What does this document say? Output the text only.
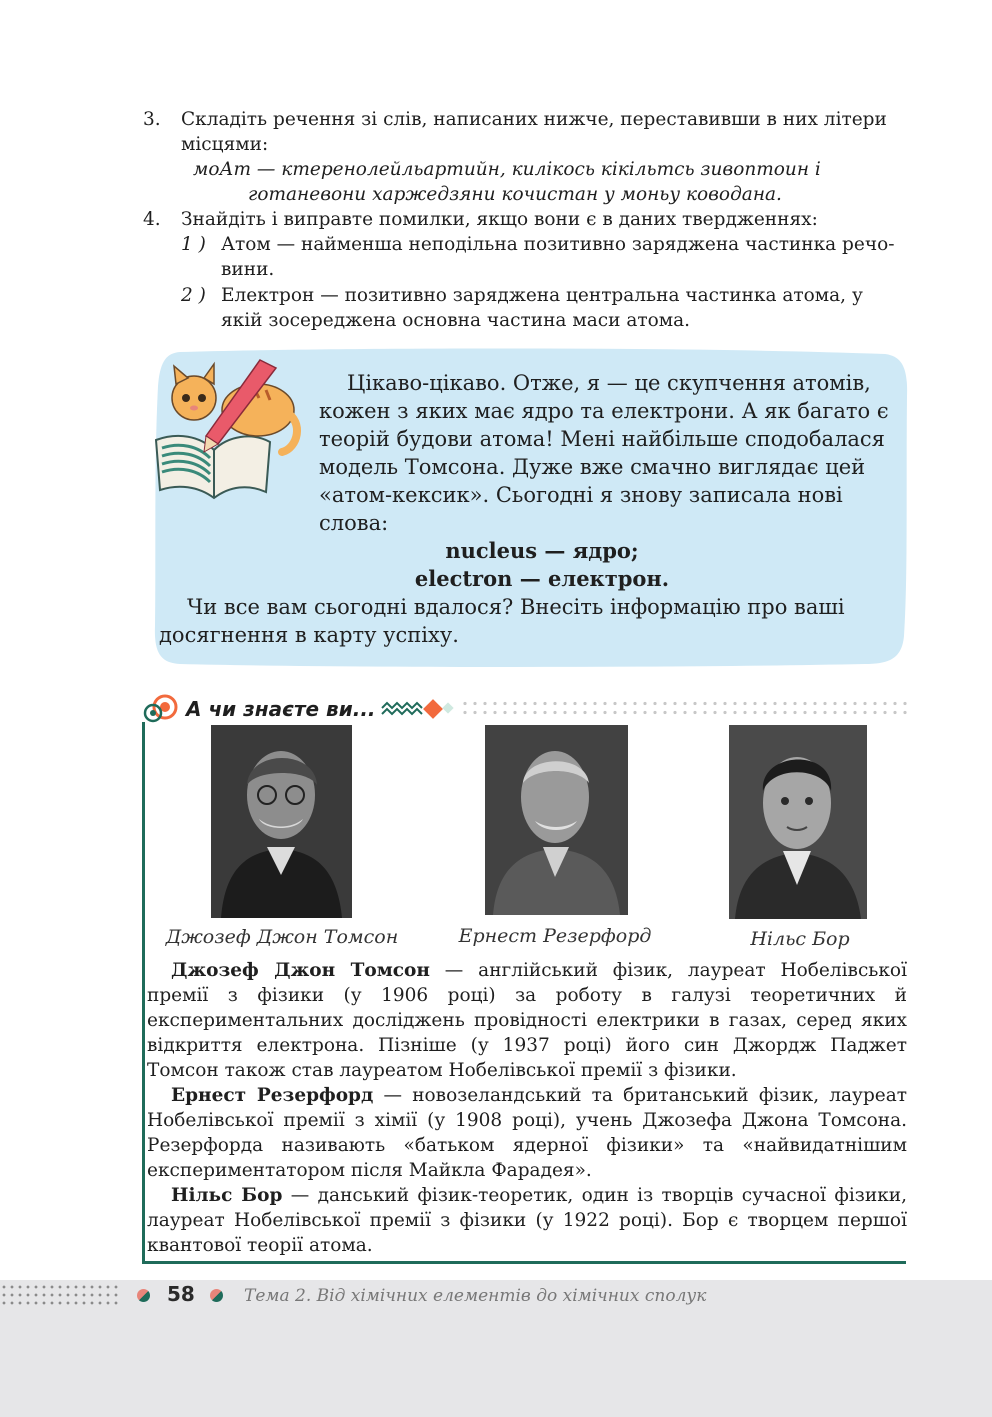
3. Складіть речення зі слів, написаних нижче, переставивши в них літери
місцями:
моАт — ктеренолейльартийн, килікось кікільтсь зивоптоин і
готаневони харжедзяни кочистан у моньу ководана.
4. Знайдіть і виправте помилки, якщо вони є в даних твердженнях:
1 ) Атом — найменша неподільна позитивно заряджена частинка речо-
вини.
2 ) Електрон — позитивно заряджена центральна частинка атома, у
якій зосереджена основна частина маси атома.
Цікаво-цікаво. Отже, я — це скупчення атомів,
кожен з яких має ядро та електрони. А як багато є
теорій будови атома! Мені найбільше сподобалася
модель Томсона. Дуже вже смачно виглядає цей
«атом-кексик». Сьогодні я знову записала нові
слова:
nucleus — ядро;
electron — електрон.
Чи все вам сьогодні вдалося? Внесіть інформацію про ваші
досягнення в карту успіху.
А чи знаєте ви...
Джозеф Джон Томсон	Ернест Резерфорд	Нільс Бор

Джозеф Джон Томсон — англійський фізик, лауреат Нобелівської премії з фізики (у 1906 році) за роботу в галузі теоретичних й експериментальних досліджень провідності електрики в газах, серед яких відкриття електрона. Пізніше (у 1937 році) його син Джордж Паджет Томсон також став лауреатом Нобелівської премії з фізики.

Ернест Резерфорд — новозеландський та британський фізик, лауреат Нобелівської премії з хімії (у 1908 році), учень Джозефа Джона Томсона. Резерфорда називають «батьком ядерної фізики» та «найвидатнішим експериментатором після Майкла Фарадея».

Нільс Бор — данський фізик-теоретик, один із творців сучасної фізики, лауреат Нобелівської премії з фізики (у 1922 році). Бор є творцем першої квантової теорії атома.

58	Тема 2. Від хімічних елементів до хімічних сполук
